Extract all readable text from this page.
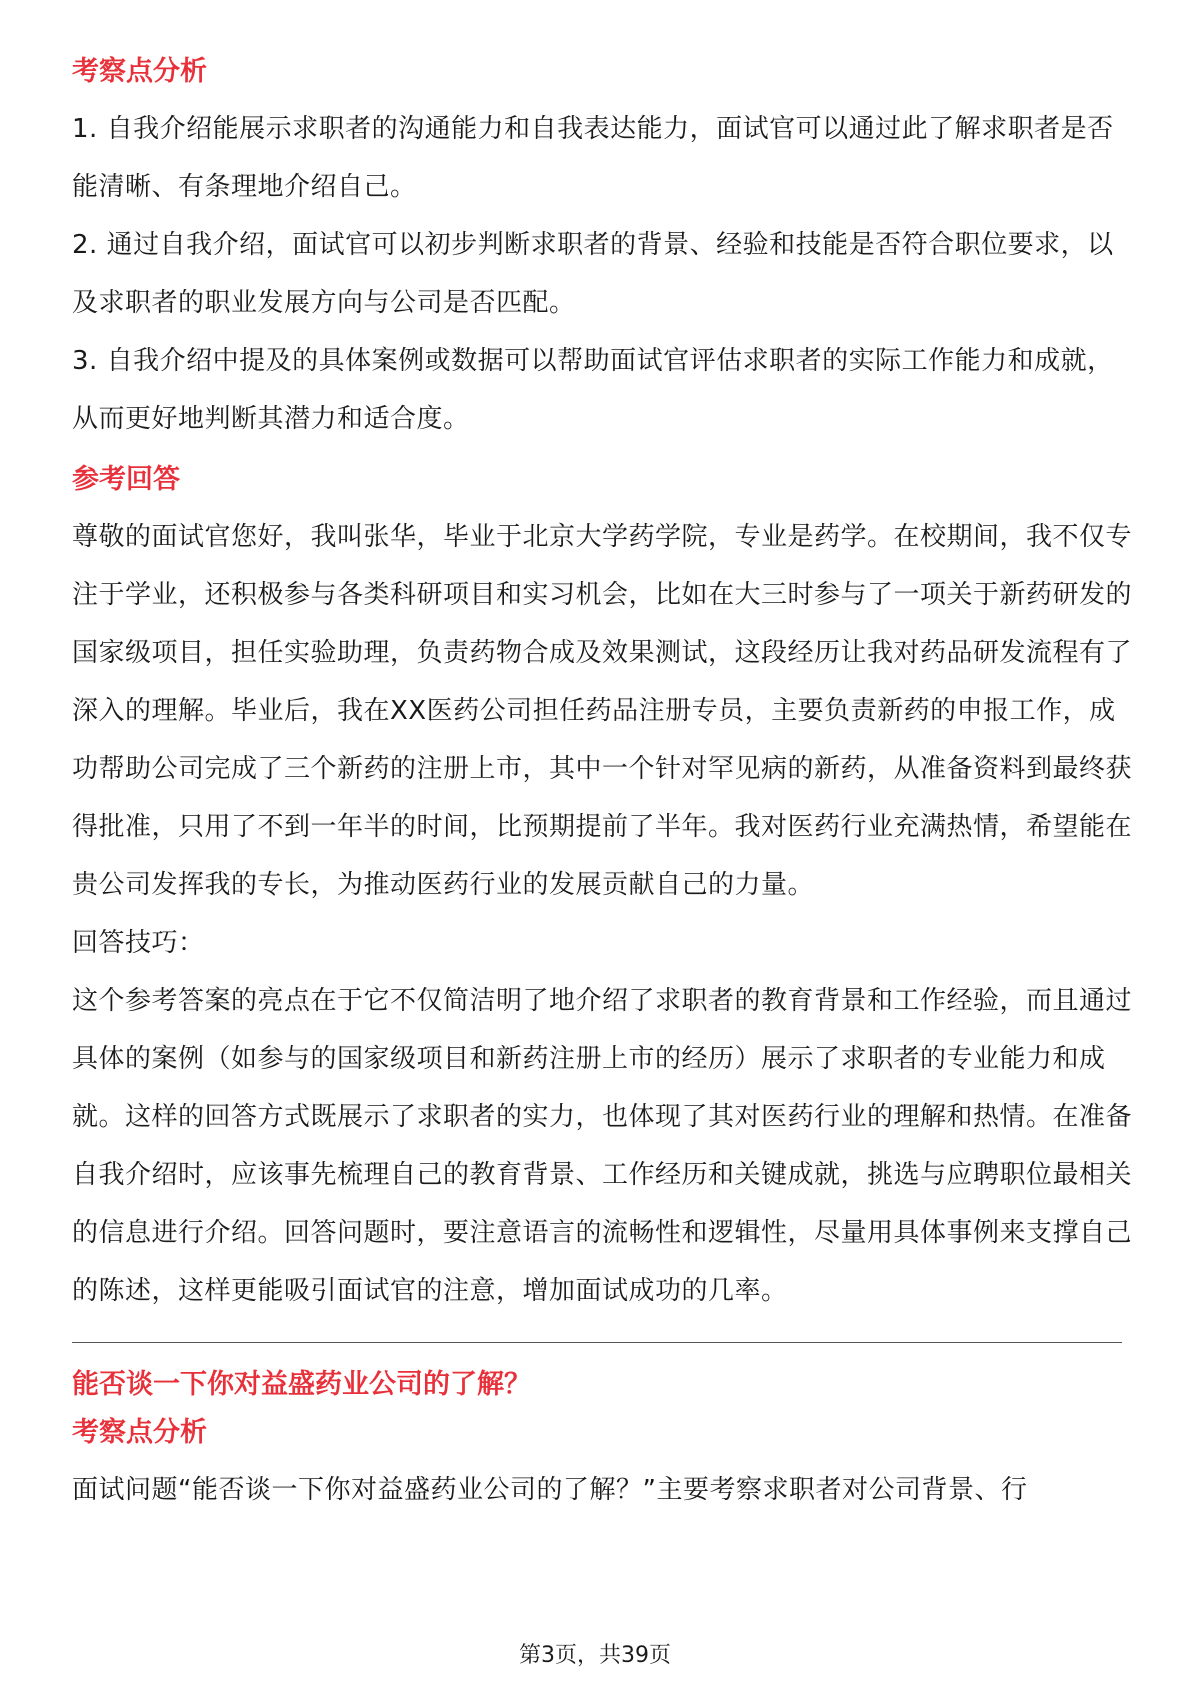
考察点分析

1. 自我介绍能展示求职者的沟通能力和自我表达能力，面试官可以通过此了解求职者是否能清晰、有条理地介绍自己。

2. 通过自我介绍，面试官可以初步判断求职者的背景、经验和技能是否符合职位要求，以及求职者的职业发展方向与公司是否匹配。

3. 自我介绍中提及的具体案例或数据可以帮助面试官评估求职者的实际工作能力和成就，从而更好地判断其潜力和适合度。

参考回答

尊敬的面试官您好，我叫张华，毕业于北京大学药学院，专业是药学。在校期间，我不仅专注于学业，还积极参与各类科研项目和实习机会，比如在大三时参与了一项关于新药研发的国家级项目，担任实验助理，负责药物合成及效果测试，这段经历让我对药品研发流程有了深入的理解。毕业后，我在XX医药公司担任药品注册专员，主要负责新药的申报工作，成功帮助公司完成了三个新药的注册上市，其中一个针对罕见病的新药，从准备资料到最终获得批准，只用了不到一年半的时间，比预期提前了半年。我对医药行业充满热情，希望能在贵公司发挥我的专长，为推动医药行业的发展贡献自己的力量。

回答技巧：

这个参考答案的亮点在于它不仅简洁明了地介绍了求职者的教育背景和工作经验，而且通过具体的案例（如参与的国家级项目和新药注册上市的经历）展示了求职者的专业能力和成就。这样的回答方式既展示了求职者的实力，也体现了其对医药行业的理解和热情。在准备自我介绍时，应该事先梳理自己的教育背景、工作经历和关键成就，挑选与应聘职位最相关的信息进行介绍。回答问题时，要注意语言的流畅性和逻辑性，尽量用具体事例来支撑自己的陈述，这样更能吸引面试官的注意，增加面试成功的几率。

能否谈一下你对益盛药业公司的了解？
考察点分析

面试问题“能否谈一下你对益盛药业公司的了解？”主要考察求职者对公司背景、行

第3页，共39页
